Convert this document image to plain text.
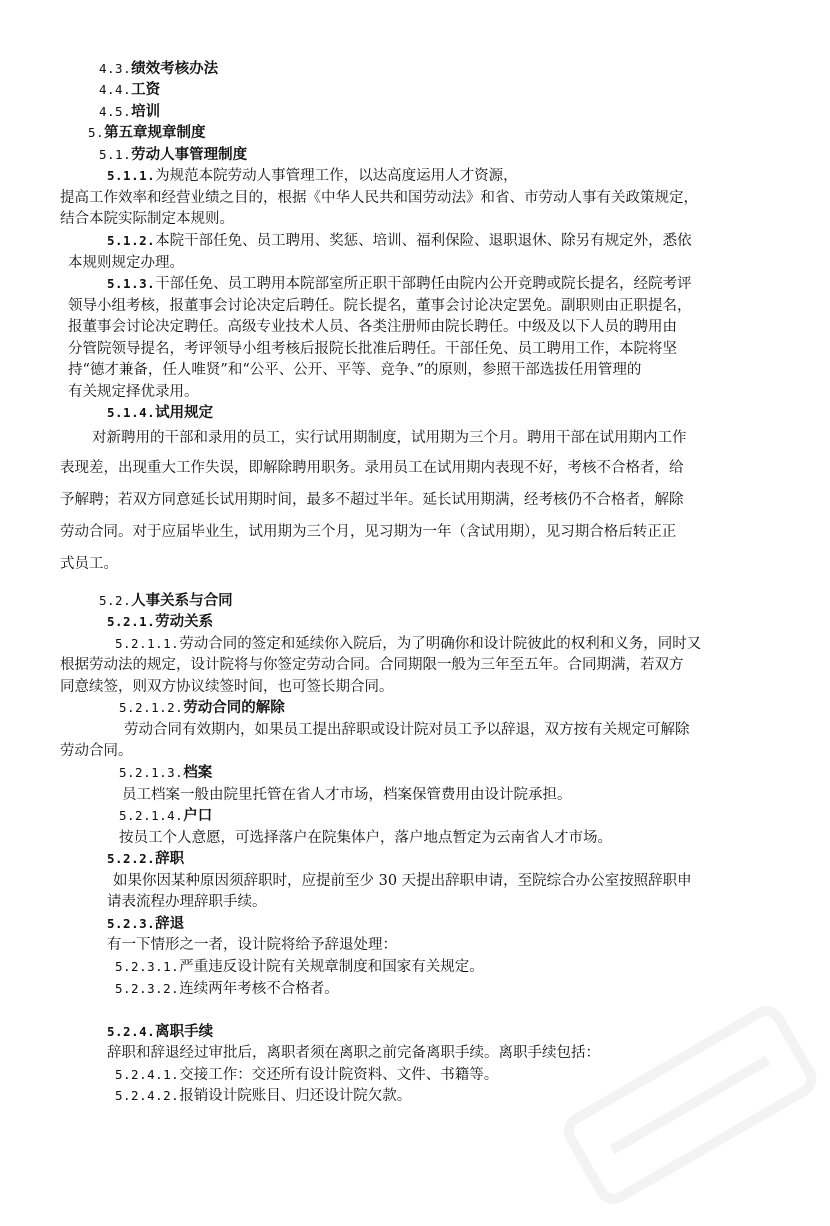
4.3.绩效考核办法
4.4.工资
4.5.培训
5.第五章规章制度
5.1.劳动人事管理制度
5.1.1.为规范本院劳动人事管理工作，以达高度运用人才资源，
提高工作效率和经营业绩之目的，根据《中华人民共和国劳动法》和省、市劳动人事有关政策规定，
结合本院实际制定本规则。
5.1.2.本院干部任免、员工聘用、奖惩、培训、福利保险、退职退休、除另有规定外，悉依
本规则规定办理。
5.1.3.干部任免、员工聘用本院部室所正职干部聘任由院内公开竞聘或院长提名，经院考评
领导小组考核，报董事会讨论决定后聘任。院长提名，董事会讨论决定罢免。副职则由正职提名，
报董事会讨论决定聘任。高级专业技术人员、各类注册师由院长聘任。中级及以下人员的聘用由
分管院领导提名，考评领导小组考核后报院长批准后聘任。干部任免、员工聘用工作，本院将坚
持“德才兼备，任人唯贤”和“公平、公开、平等、竞争、”的原则，参照干部选拔任用管理的
有关规定择优录用。
5.1.4.试用规定
对新聘用的干部和录用的员工，实行试用期制度，试用期为三个月。聘用干部在试用期内工作
表现差，出现重大工作失误，即解除聘用职务。录用员工在试用期内表现不好，考核不合格者，给
予解聘；若双方同意延长试用期时间，最多不超过半年。延长试用期满，经考核仍不合格者，解除
劳动合同。对于应届毕业生，试用期为三个月，见习期为一年（含试用期），见习期合格后转正正
式员工。
5.2.人事关系与合同
5.2.1.劳动关系
5.2.1.1.劳动合同的签定和延续你入院后，为了明确你和设计院彼此的权利和义务，同时又
根据劳动法的规定，设计院将与你签定劳动合同。合同期限一般为三年至五年。合同期满，若双方
同意续签，则双方协议续签时间，也可签长期合同。
5.2.1.2.劳动合同的解除
劳动合同有效期内，如果员工提出辞职或设计院对员工予以辞退，双方按有关规定可解除
劳动合同。
5.2.1.3.档案
员工档案一般由院里托管在省人才市场，档案保管费用由设计院承担。
5.2.1.4.户口
按员工个人意愿，可选择落户在院集体户，落户地点暂定为云南省人才市场。
5.2.2.辞职
如果你因某种原因须辞职时，应提前至少 30 天提出辞职申请，至院综合办公室按照辞职申
请表流程办理辞职手续。
5.2.3.辞退
有一下情形之一者，设计院将给予辞退处理：
5.2.3.1.严重违反设计院有关规章制度和国家有关规定。
5.2.3.2.连续两年考核不合格者。
5.2.4.离职手续
辞职和辞退经过审批后，离职者须在离职之前完备离职手续。离职手续包括：
5.2.4.1.交接工作：交还所有设计院资料、文件、书籍等。
5.2.4.2.报销设计院账目、归还设计院欠款。
